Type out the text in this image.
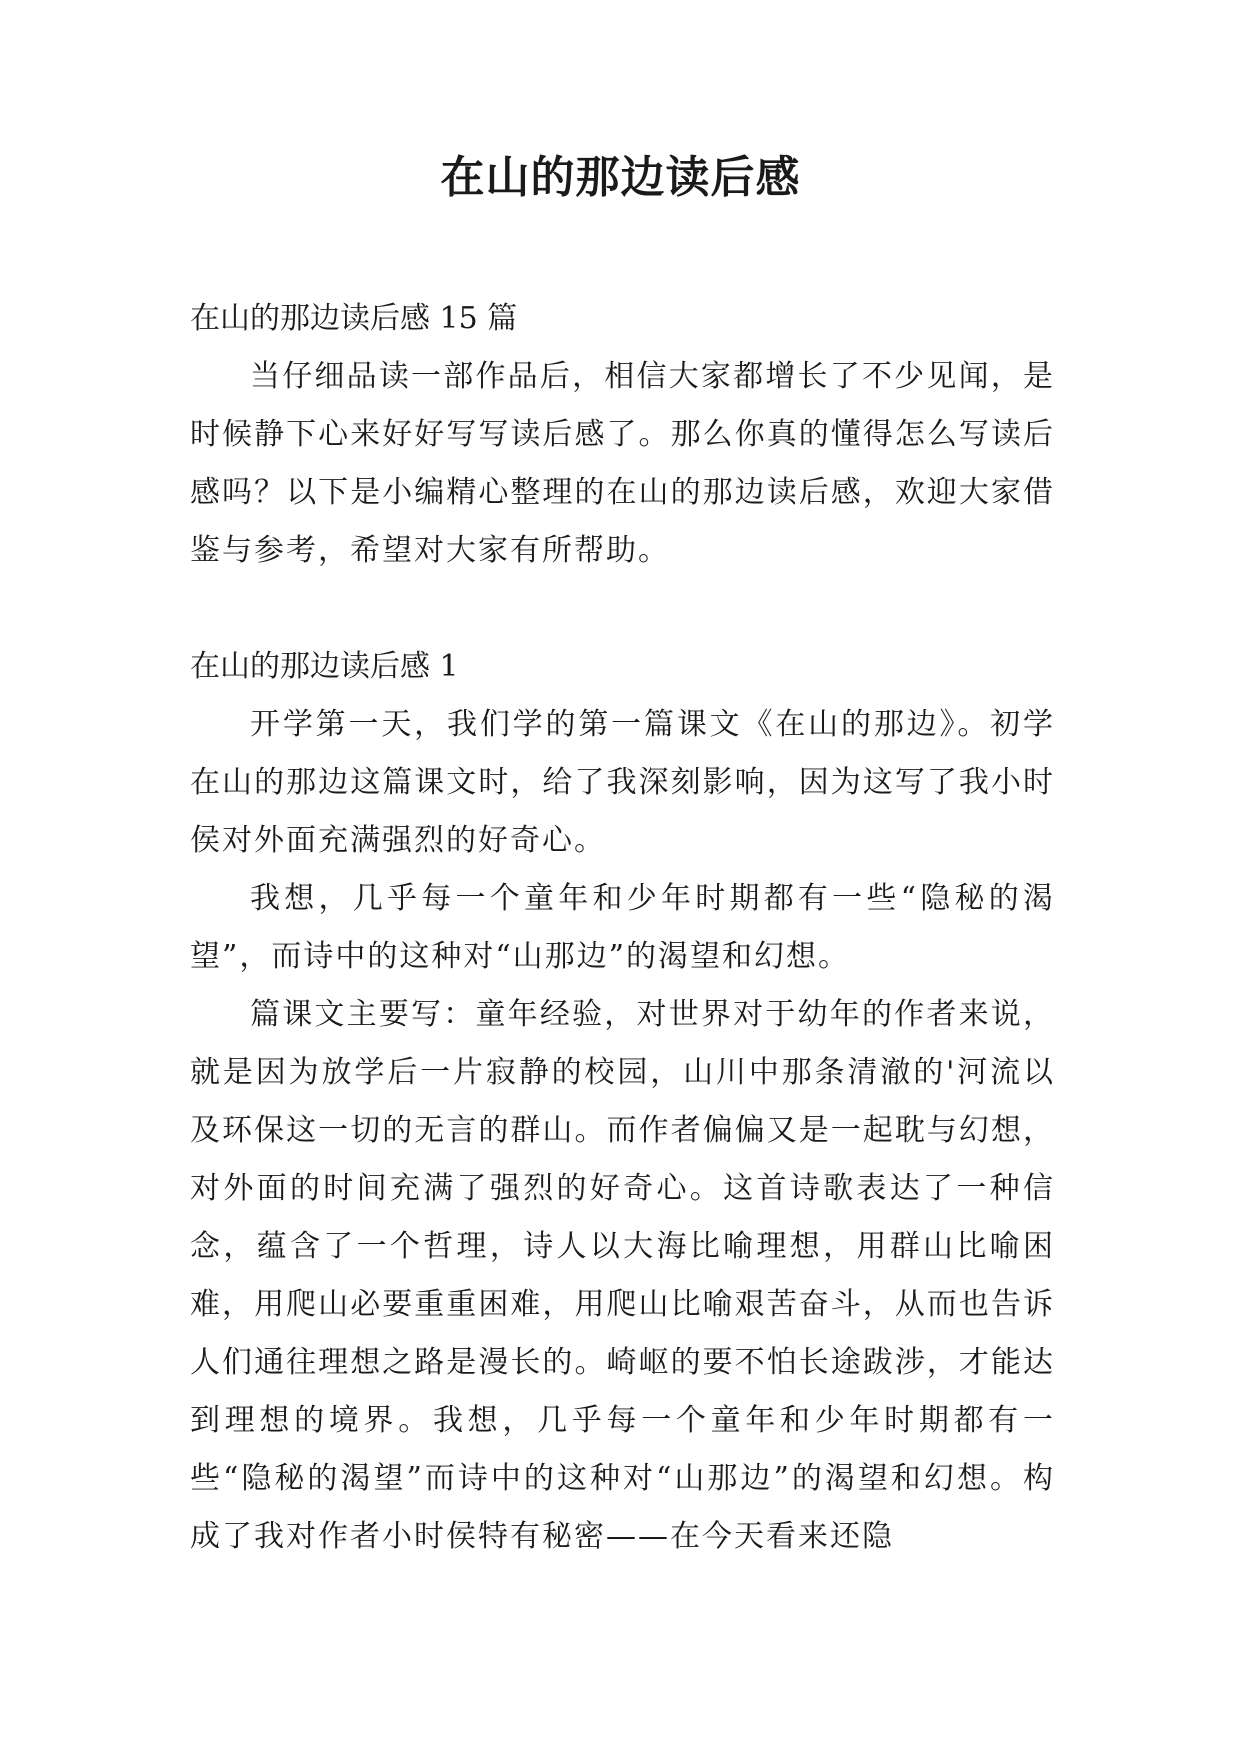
在山的那边读后感

在山的那边读后感 15 篇

当仔细品读一部作品后，相信大家都增长了不少见闻，是时候静下心来好好写写读后感了。那么你真的懂得怎么写读后感吗？以下是小编精心整理的在山的那边读后感，欢迎大家借鉴与参考，希望对大家有所帮助。

在山的那边读后感 1

开学第一天，我们学的第一篇课文《在山的那边》。初学在山的那边这篇课文时，给了我深刻影响，因为这写了我小时侯对外面充满强烈的好奇心。

我想，几乎每一个童年和少年时期都有一些“隐秘的渴望”，而诗中的这种对“山那边”的渴望和幻想。

篇课文主要写：童年经验，对世界对于幼年的作者来说，就是因为放学后一片寂静的校园，山川中那条清澈的'河流以及环保这一切的无言的群山。而作者偏偏又是一起耽与幻想，对外面的时间充满了强烈的好奇心。这首诗歌表达了一种信念，蕴含了一个哲理，诗人以大海比喻理想，用群山比喻困难，用爬山必要重重困难，用爬山比喻艰苦奋斗，从而也告诉人们通往理想之路是漫长的。崎岖的要不怕长途跋涉，才能达到理想的境界。我想，几乎每一个童年和少年时期都有一些“隐秘的渴望”而诗中的这种对“山那边”的渴望和幻想。构成了我对作者小时侯特有秘密——在今天看来还隐
